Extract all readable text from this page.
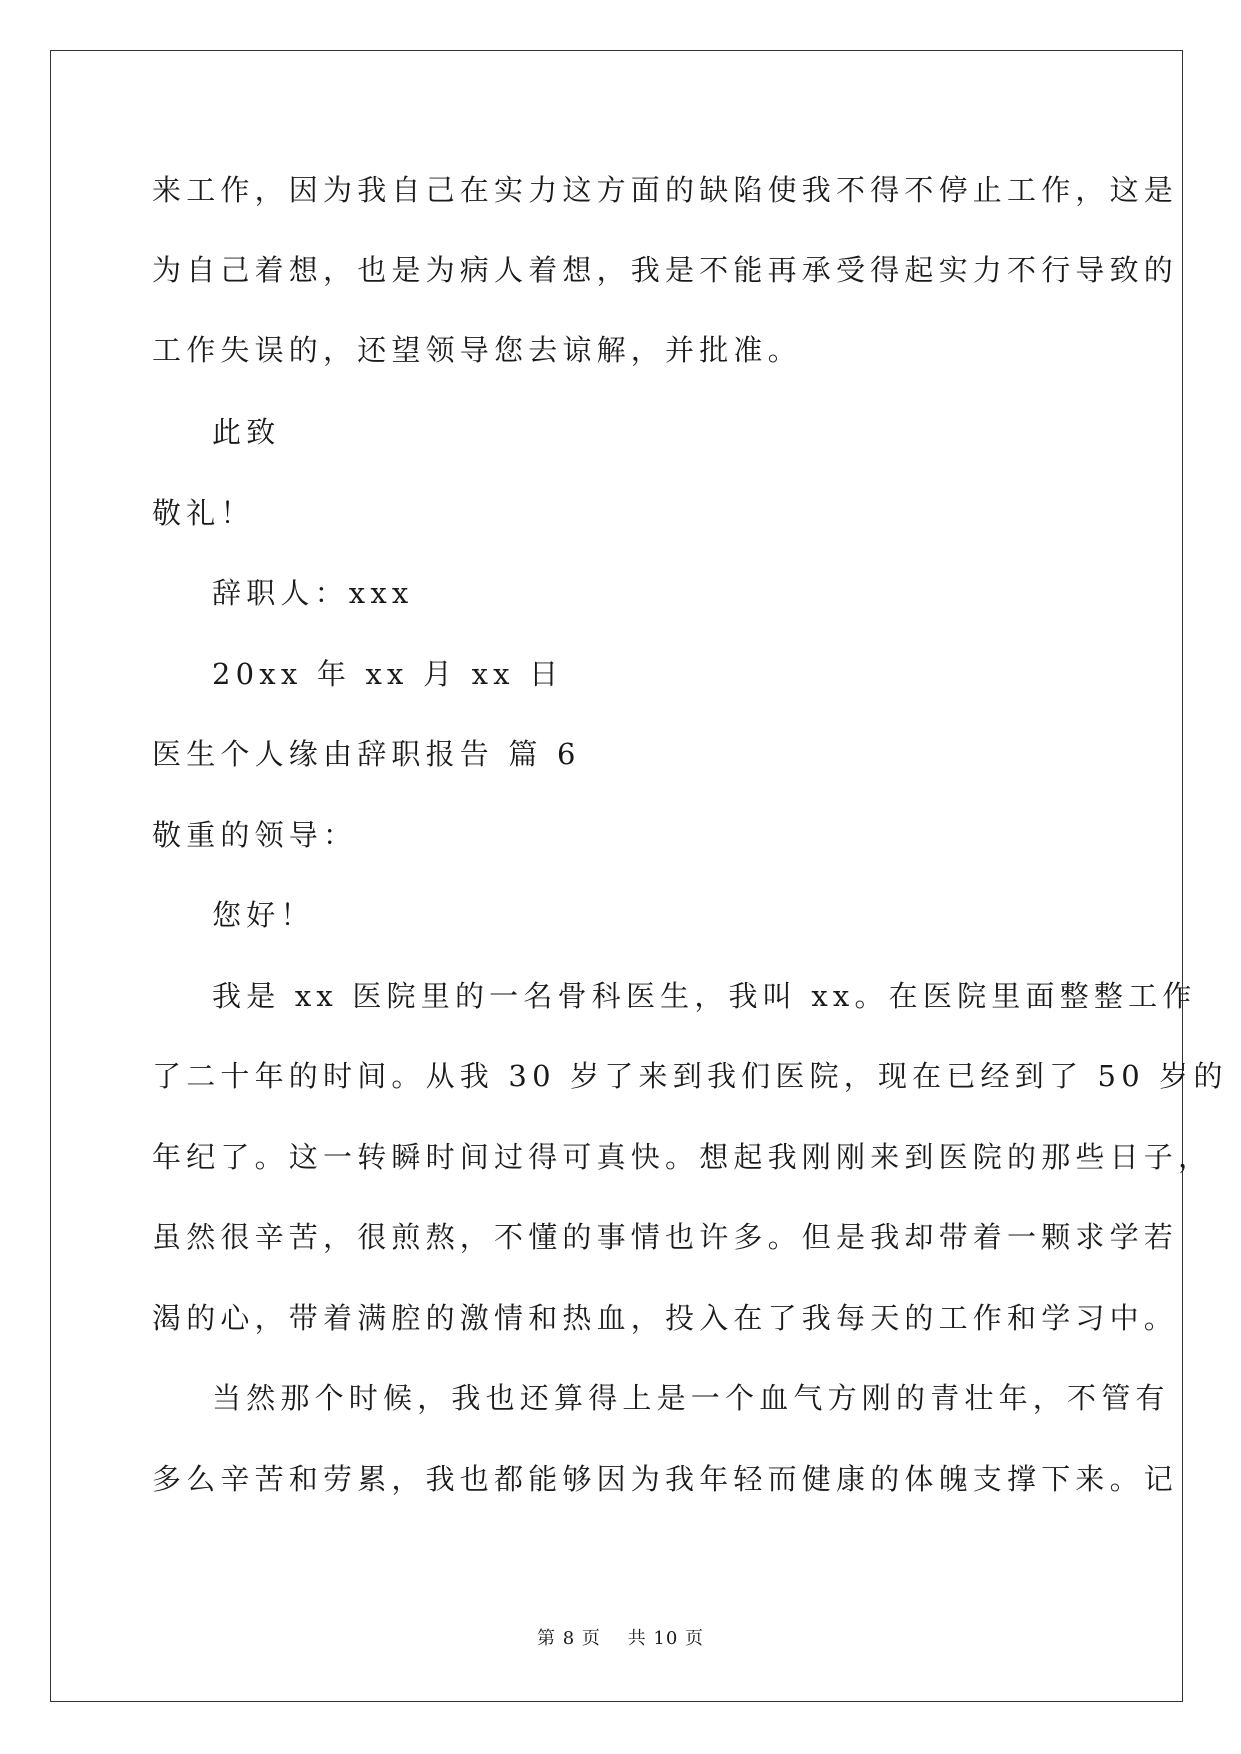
来工作，因为我自己在实力这方面的缺陷使我不得不停止工作，这是
为自己着想，也是为病人着想，我是不能再承受得起实力不行导致的
工作失误的，还望领导您去谅解，并批准。
此致
敬礼！
辞职人：xxx
20xx 年 xx 月 xx 日
医生个人缘由辞职报告 篇 6
敬重的领导：
您好！
我是 xx 医院里的一名骨科医生，我叫 xx。在医院里面整整工作
了二十年的时间。从我 30 岁了来到我们医院，现在已经到了 50 岁的
年纪了。这一转瞬时间过得可真快。想起我刚刚来到医院的那些日子，
虽然很辛苦，很煎熬，不懂的事情也许多。但是我却带着一颗求学若
渴的心，带着满腔的激情和热血，投入在了我每天的工作和学习中。
当然那个时候，我也还算得上是一个血气方刚的青壮年，不管有
多么辛苦和劳累，我也都能够因为我年轻而健康的体魄支撑下来。记
第 8 页 共 10 页
